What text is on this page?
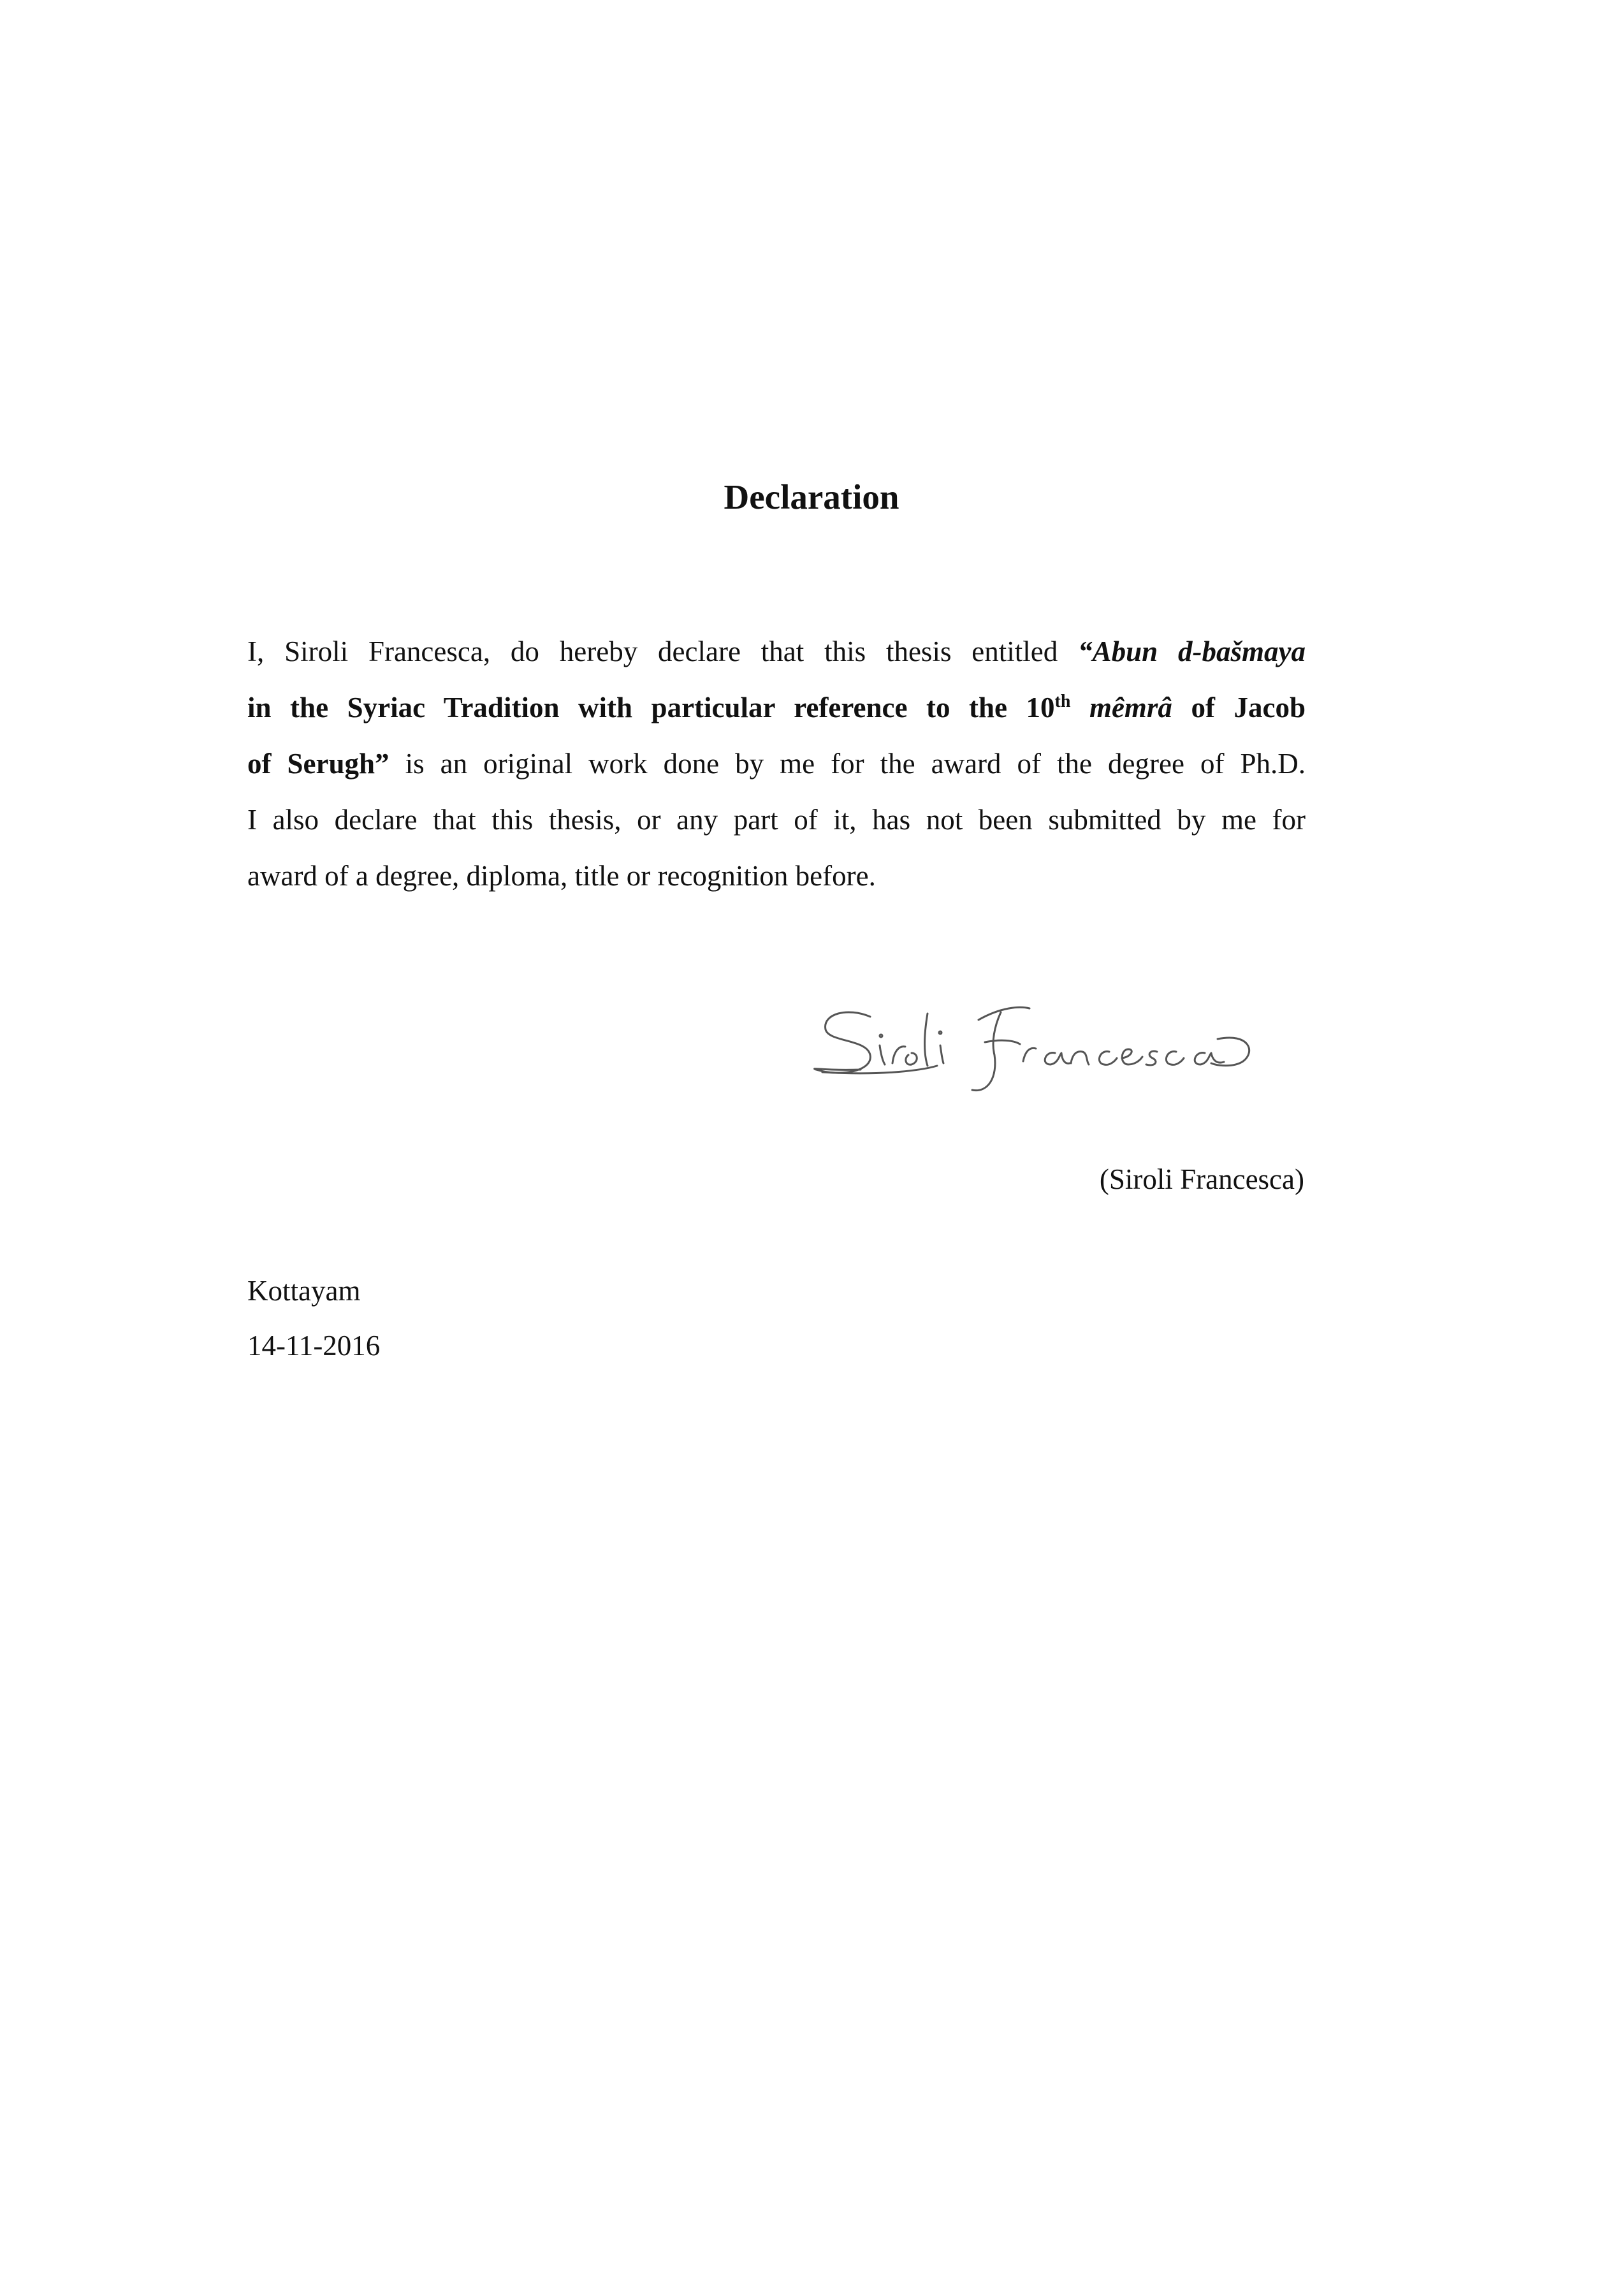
Declaration
I, Siroli Francesca, do hereby declare that this thesis entitled “Abun d-bašmaya
in the Syriac Tradition with particular reference to the 10th mêmrâ of Jacob
of Serugh” is an original work done by me for the award of the degree of Ph.D.
I also declare that this thesis, or any part of it, has not been submitted by me for
award of a degree, diploma, title or recognition before.

(Siroli Francesca)

Kottayam

14-11-2016
